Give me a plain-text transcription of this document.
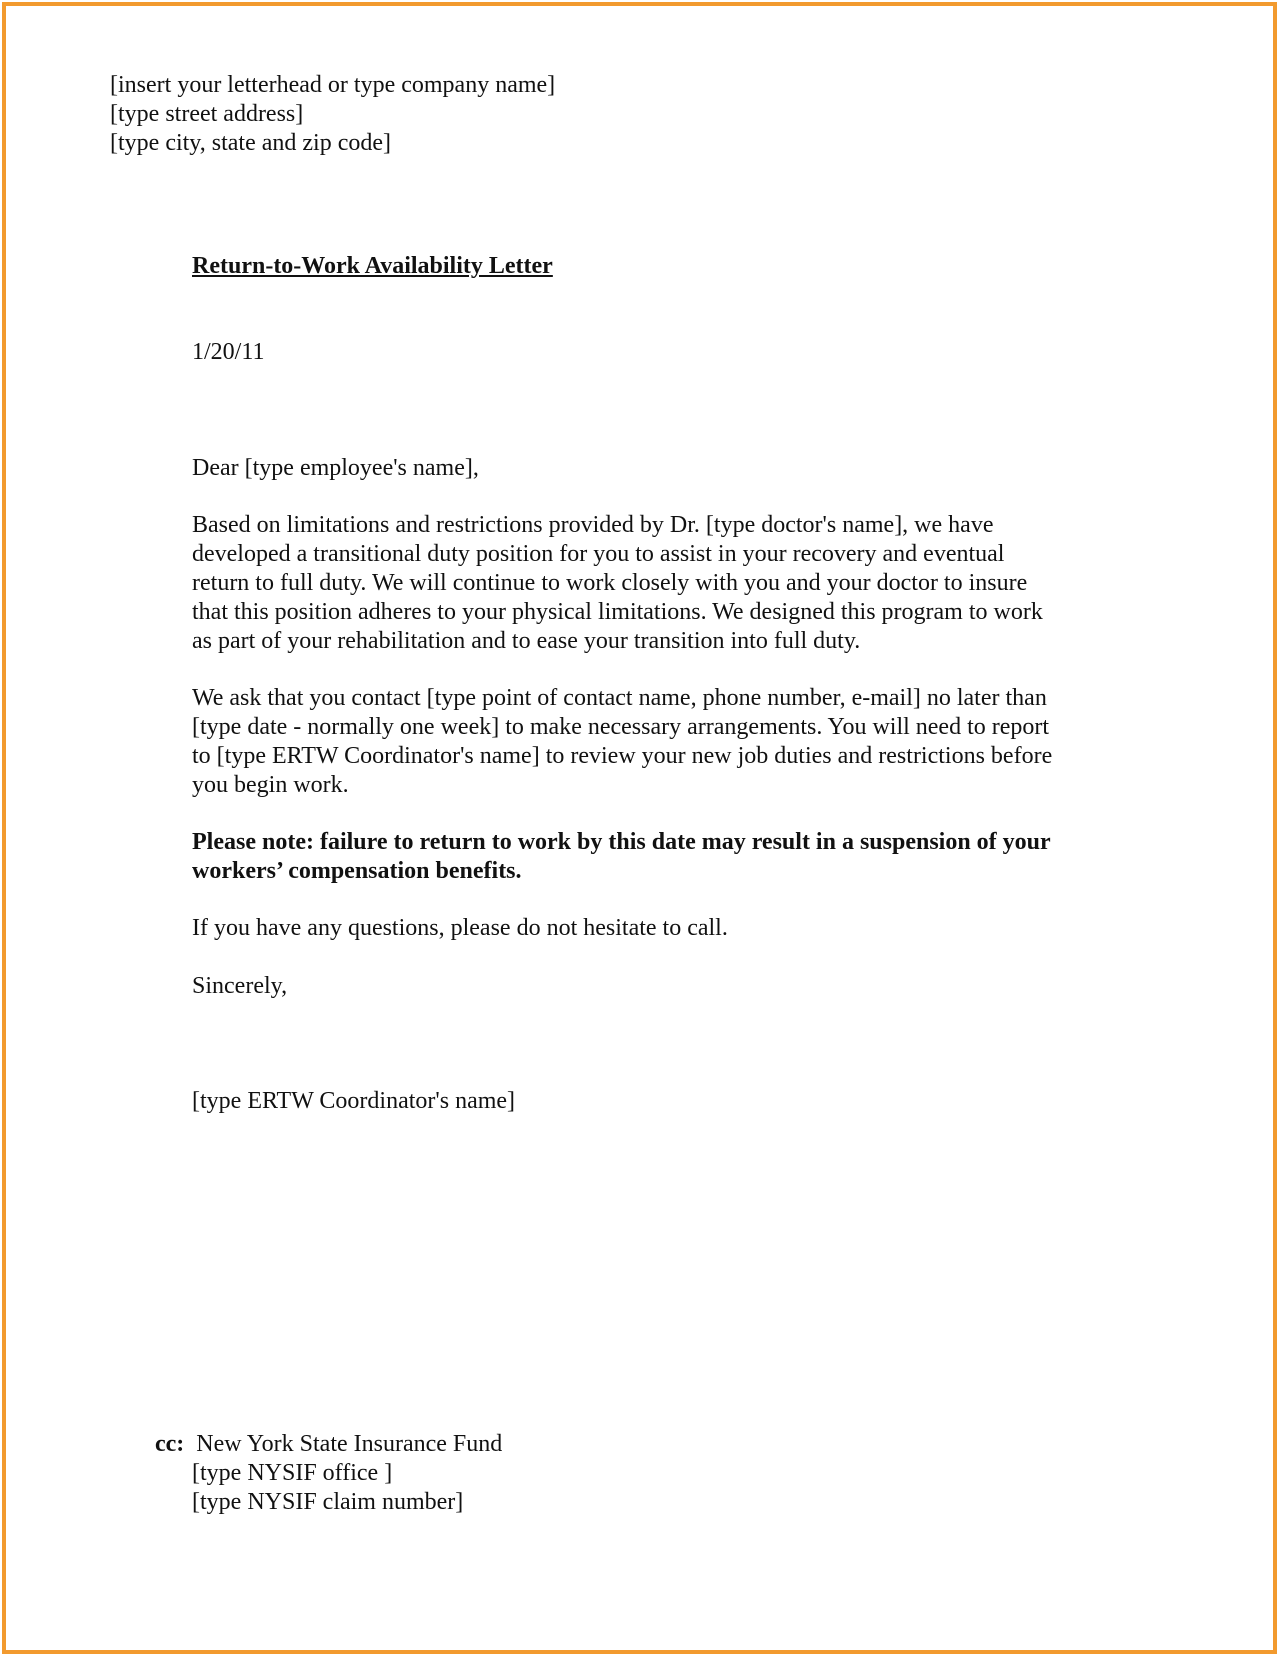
[insert your letterhead or type company name]
[type street address]
[type city, state and zip code]
Return-to-Work Availability Letter
1/20/11
Dear [type employee's name],

Based on limitations and restrictions provided by Dr. [type doctor's name], we have
developed a transitional duty position for you to assist in your recovery and eventual
return to full duty. We will continue to work closely with you and your doctor to insure
that this position adheres to your physical limitations. We designed this program to work
as part of your rehabilitation and to ease your transition into full duty.

We ask that you contact [type point of contact name, phone number, e-mail] no later than
[type date - normally one week] to make necessary arrangements. You will need to report
to [type ERTW Coordinator's name] to review your new job duties and restrictions before
you begin work.

Please note: failure to return to work by this date may result in a suspension of your
workers’ compensation benefits.

If you have any questions, please do not hesitate to call.
Sincerely,
[type ERTW Coordinator's name]
cc: New York State Insurance Fund
[type NYSIF office ]
[type NYSIF claim number]
